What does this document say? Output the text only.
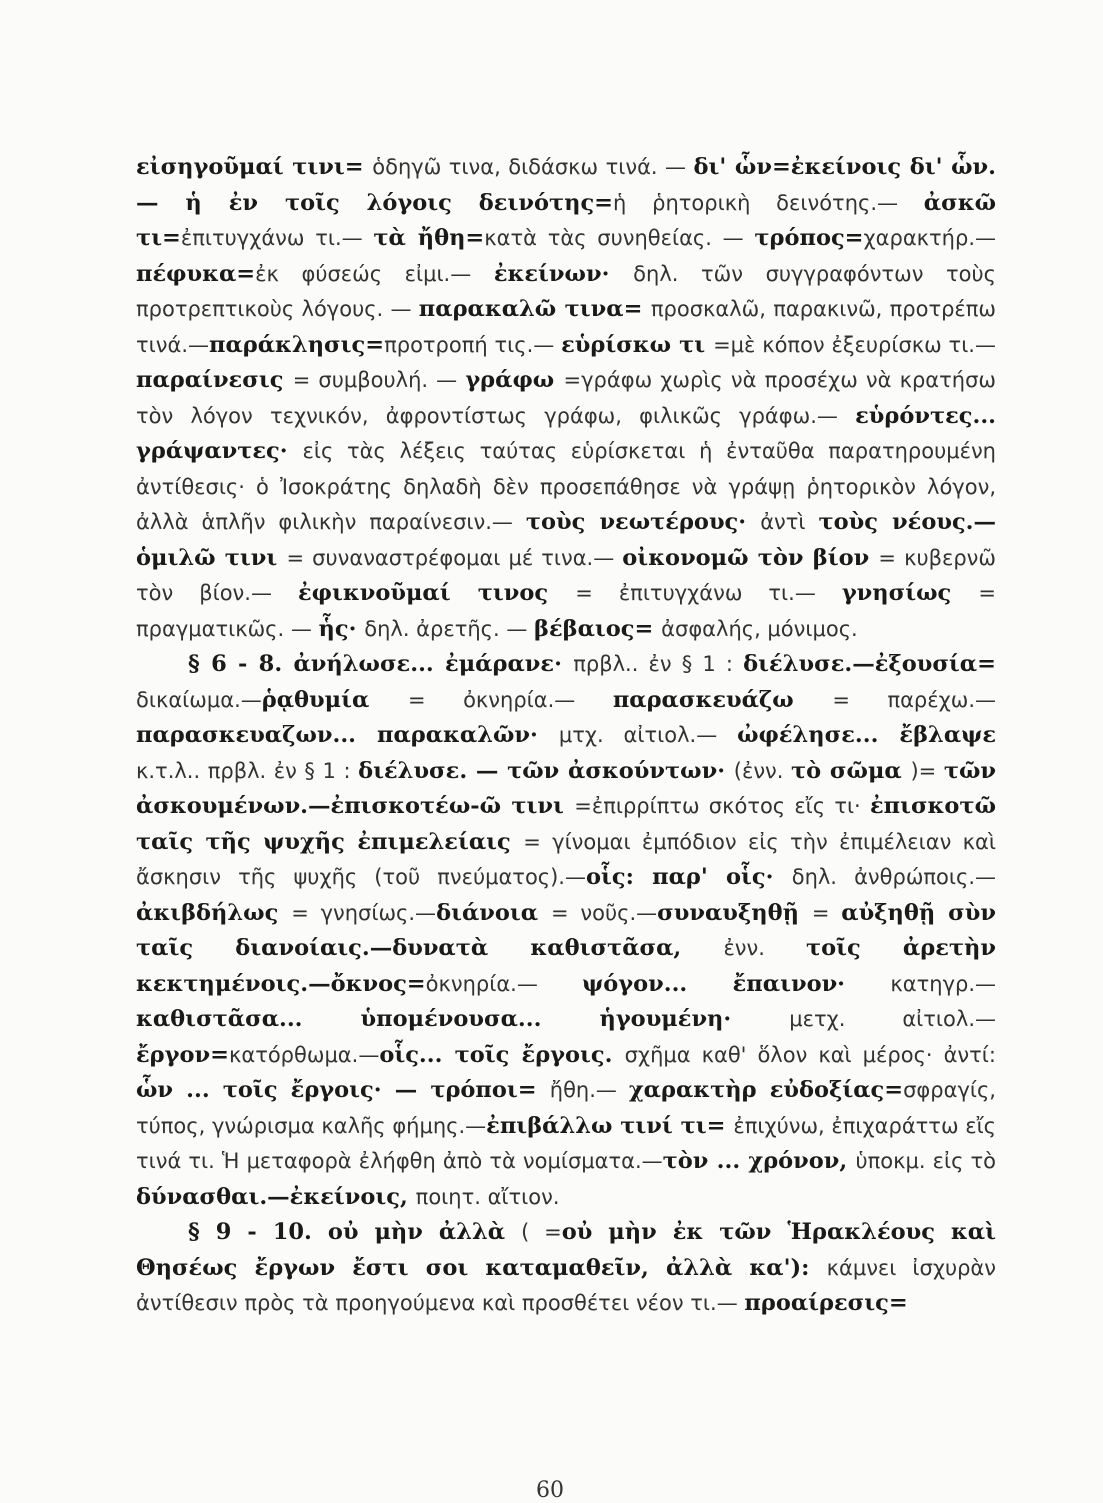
εἰσηγοῦμαί τινι= ὁδηγῶ τινα, διδάσκω τινά. — δι' ὧν=ἐκείνοις δι' ὧν.— ἡ ἐν τοῖς λόγοις δεινότης=ἡ ῥητορικὴ δεινότης.— ἀσκῶ τι=ἐπιτυγχάνω τι.— τὰ ἤθη=κατὰ τὰς συνηθείας. — τρόπος=χαρακτήρ.— πέφυκα=ἐκ φύσεώς εἰμι.— ἐκείνων· δηλ. τῶν συγγραφόντων τοὺς προτρεπτικοὺς λόγους. — παρακαλῶ τινα= προσκαλῶ, παρακινῶ, προτρέπω τινά.—παράκλησις=προτροπή τις.— εὑρίσκω τι =μὲ κόπον ἐξευρίσκω τι.— παραίνεσις = συμβουλή. — γράφω =γράφω χωρὶς νὰ προσέχω νὰ κρατήσω τὸν λόγον τεχνικόν, ἀφροντίστως γράφω, φιλικῶς γράφω.— εὑρόντες... γράψαντες· εἰς τὰς λέξεις ταύτας εὑρίσκεται ἡ ἐνταῦθα παρατηρουμένη ἀντίθεσις· ὁ Ἰσοκράτης δηλαδὴ δὲν προσεπάθησε νὰ γράψῃ ῥητορικὸν λόγον, ἀλλὰ ἁπλῆν φιλικὴν παραίνεσιν.— τοὺς νεωτέρους· ἀντὶ τοὺς νέους.— ὁμιλῶ τινι = συναναστρέφομαι μέ τινα.— οἰκονομῶ τὸν βίον = κυβερνῶ τὸν βίον.— ἐφικνοῦμαί τινος = ἐπιτυγχάνω τι.— γνησίως = πραγματικῶς. — ἧς· δηλ. ἀρετῆς. — βέβαιος= ἀσφαλής, μόνιμος.

§ 6 - 8. ἀνήλωσε... ἐμάρανε· πρβλ.. ἐν § 1 : διέλυσε.—ἐξουσία= δικαίωμα.—ῥᾳθυμία = ὀκνηρία.— παρασκευάζω = παρέχω.— παρασκευαζων... παρακαλῶν· μτχ. αἰτιολ.— ὠφέλησε... ἔβλαψε κ.τ.λ.. πρβλ. ἐν § 1 : διέλυσε. — τῶν ἀσκούντων· (ἐνν. τὸ σῶμα )= τῶν ἀσκουμένων.—ἐπισκοτέω-ῶ τινι =ἐπιρρίπτω σκότος εἴς τι· ἐπισκοτῶ ταῖς τῆς ψυχῆς ἐπιμελείαις = γίνομαι ἐμπόδιον εἰς τὴν ἐπιμέλειαν καὶ ἄσκησιν τῆς ψυχῆς (τοῦ πνεύματος).—οἷς: παρ' οἷς· δηλ. ἀνθρώποις.—ἀκιβδήλως = γνησίως.—διάνοια = νοῦς.—συναυξηθῇ = αὐξηθῇ σὺν ταῖς διανοίαις.—δυνατὰ καθιστᾶσα, ἐνν. τοῖς ἀρετὴν κεκτημένοις.—ὄκνος=ὀκνηρία.— ψόγον... ἔπαινον· κατηγρ.—καθιστᾶσα... ὑπομένουσα... ἡγουμένη· μετχ. αἰτιολ.—ἔργον=κατόρθωμα.—οἷς... τοῖς ἔργοις. σχῆμα καθ' ὅλον καὶ μέρος· ἀντί: ὧν ... τοῖς ἔργοις· — τρόποι= ἤθη.— χαρακτὴρ εὐδοξίας=σφραγίς, τύπος, γνώρισμα καλῆς φήμης.—ἐπιβάλλω τινί τι= ἐπιχύνω, ἐπιχαράττω εἴς τινά τι. Ἡ μεταφορὰ ἐλήφθη ἀπὸ τὰ νομίσματα.—τὸν ... χρόνον, ὑποκμ. εἰς τὸ δύνασθαι.—ἐκείνοις, ποιητ. αἴτιον.

§ 9 - 10. οὐ μὴν ἀλλὰ ( =οὐ μὴν ἐκ τῶν Ἡρακλέους καὶ Θησέως ἔργων ἔστι σοι καταμαθεῖν, ἀλλὰ κα'): κάμνει ἰσχυρὰν ἀντίθεσιν πρὸς τὰ προηγούμενα καὶ προσθέτει νέον τι.— προαίρεσις=

60
